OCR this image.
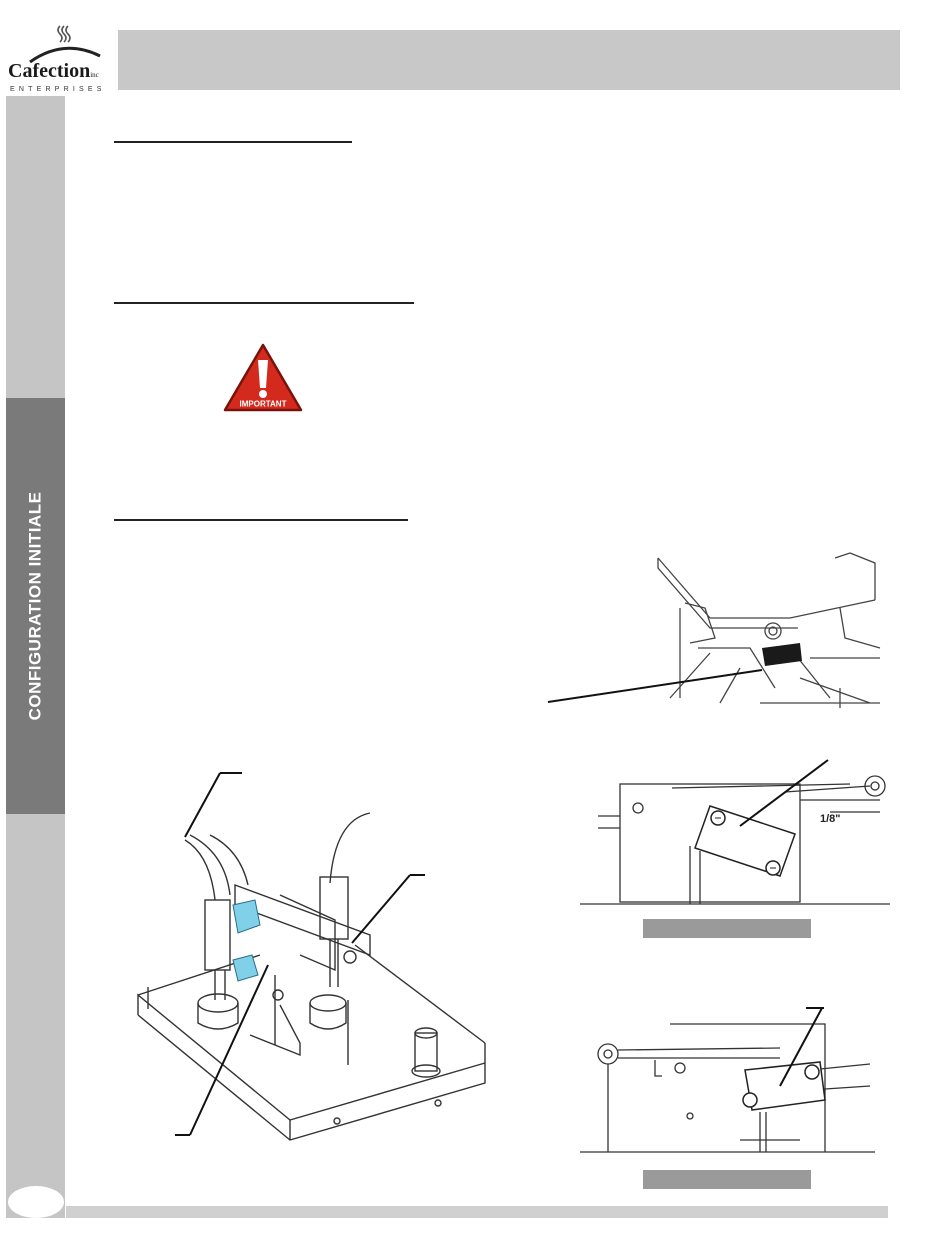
Cafectioninc
ENTERPRISES
CONFIGURATION INITIALE
IMPORTANT
1/8"
